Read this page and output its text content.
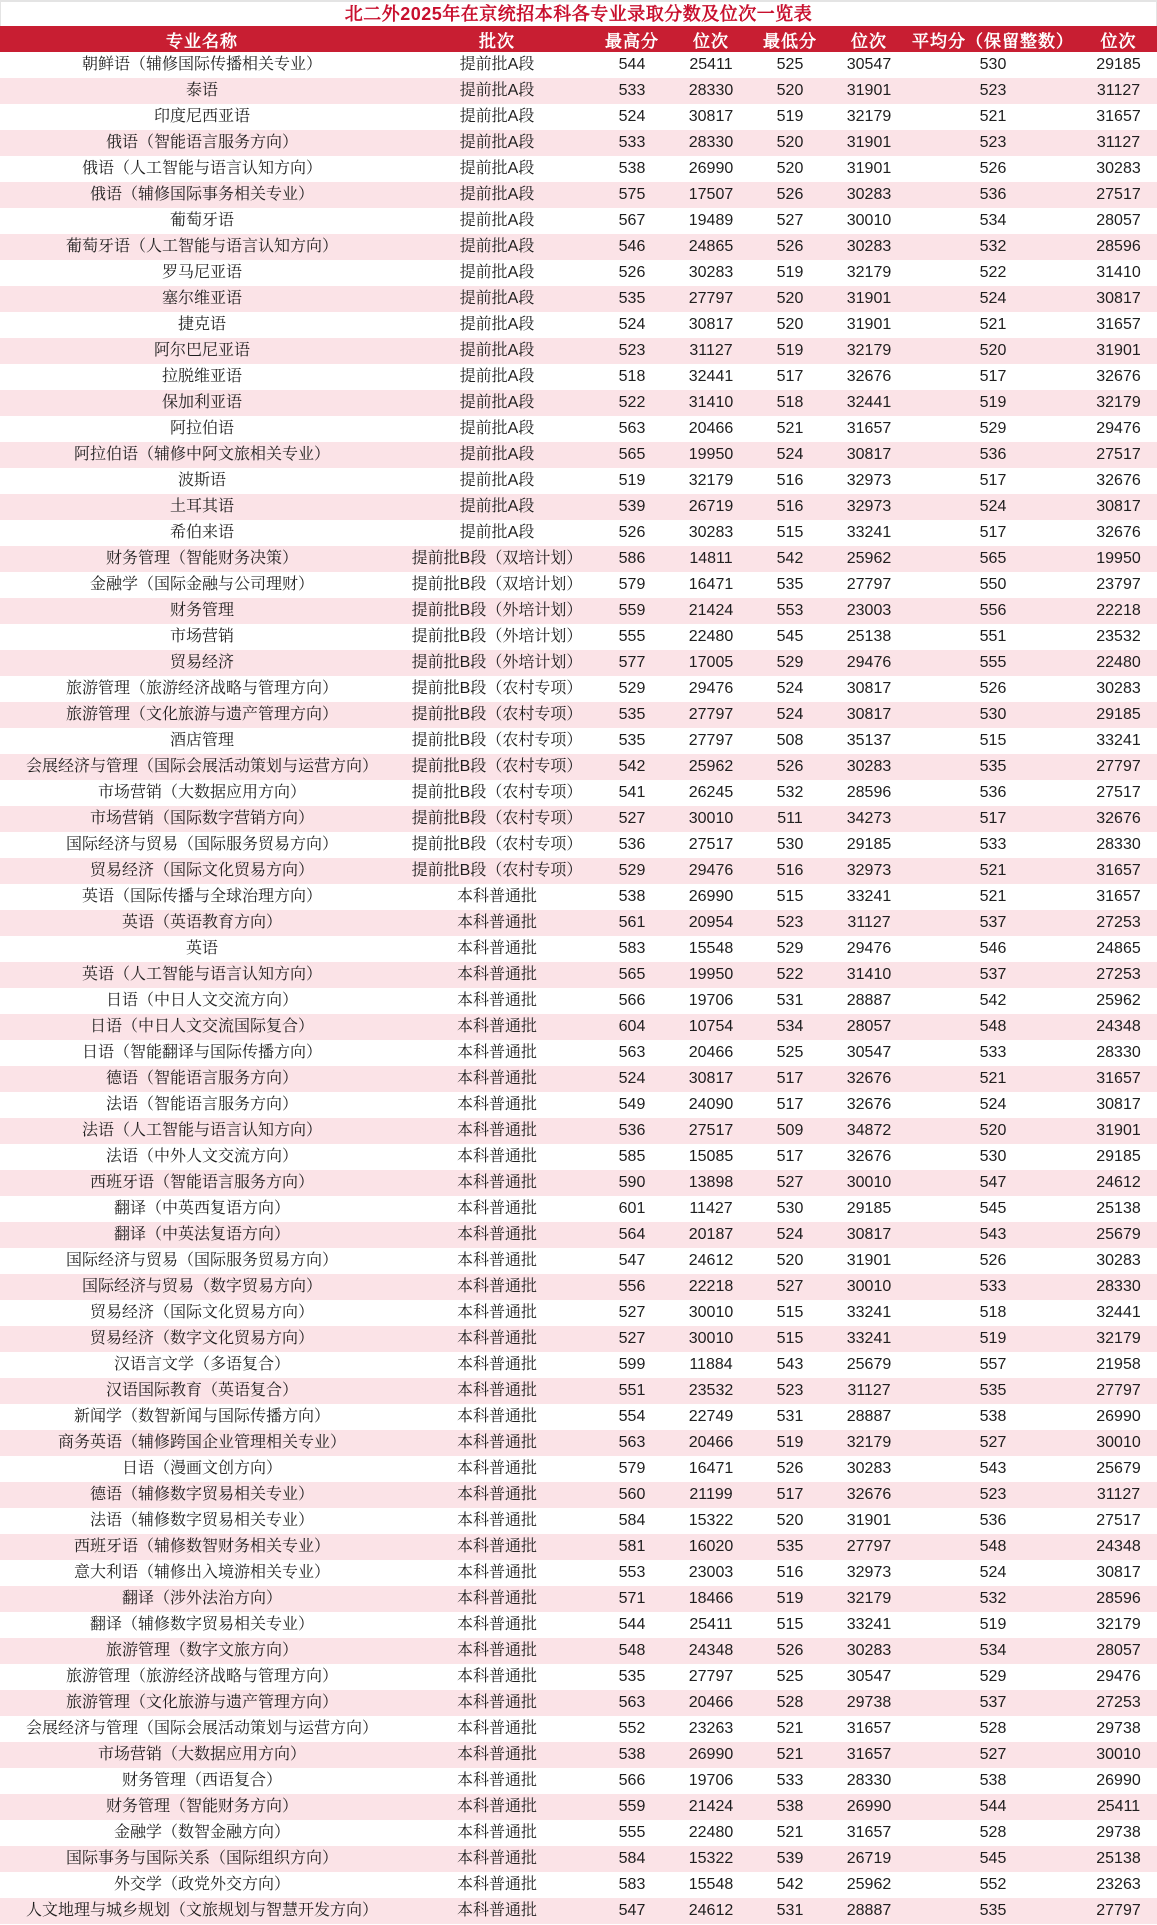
北二外2025年在京统招本科各专业录取分数及位次一览表
专业名称	批次	最高分	位次	最低分	位次	平均分（保留整数）	位次
朝鲜语（辅修国际传播相关专业）	提前批A段	544	25411	525	30547	530	29185
泰语	提前批A段	533	28330	520	31901	523	31127
印度尼西亚语	提前批A段	524	30817	519	32179	521	31657
俄语（智能语言服务方向）	提前批A段	533	28330	520	31901	523	31127
俄语（人工智能与语言认知方向）	提前批A段	538	26990	520	31901	526	30283
俄语（辅修国际事务相关专业）	提前批A段	575	17507	526	30283	536	27517
葡萄牙语	提前批A段	567	19489	527	30010	534	28057
葡萄牙语（人工智能与语言认知方向）	提前批A段	546	24865	526	30283	532	28596
罗马尼亚语	提前批A段	526	30283	519	32179	522	31410
塞尔维亚语	提前批A段	535	27797	520	31901	524	30817
捷克语	提前批A段	524	30817	520	31901	521	31657
阿尔巴尼亚语	提前批A段	523	31127	519	32179	520	31901
拉脱维亚语	提前批A段	518	32441	517	32676	517	32676
保加利亚语	提前批A段	522	31410	518	32441	519	32179
阿拉伯语	提前批A段	563	20466	521	31657	529	29476
阿拉伯语（辅修中阿文旅相关专业）	提前批A段	565	19950	524	30817	536	27517
波斯语	提前批A段	519	32179	516	32973	517	32676
土耳其语	提前批A段	539	26719	516	32973	524	30817
希伯来语	提前批A段	526	30283	515	33241	517	32676
财务管理（智能财务决策）	提前批B段（双培计划）	586	14811	542	25962	565	19950
金融学（国际金融与公司理财）	提前批B段（双培计划）	579	16471	535	27797	550	23797
财务管理	提前批B段（外培计划）	559	21424	553	23003	556	22218
市场营销	提前批B段（外培计划）	555	22480	545	25138	551	23532
贸易经济	提前批B段（外培计划）	577	17005	529	29476	555	22480
旅游管理（旅游经济战略与管理方向）	提前批B段（农村专项）	529	29476	524	30817	526	30283
旅游管理（文化旅游与遗产管理方向）	提前批B段（农村专项）	535	27797	524	30817	530	29185
酒店管理	提前批B段（农村专项）	535	27797	508	35137	515	33241
会展经济与管理（国际会展活动策划与运营方向）	提前批B段（农村专项）	542	25962	526	30283	535	27797
市场营销（大数据应用方向）	提前批B段（农村专项）	541	26245	532	28596	536	27517
市场营销（国际数字营销方向）	提前批B段（农村专项）	527	30010	511	34273	517	32676
国际经济与贸易（国际服务贸易方向）	提前批B段（农村专项）	536	27517	530	29185	533	28330
贸易经济（国际文化贸易方向）	提前批B段（农村专项）	529	29476	516	32973	521	31657
英语（国际传播与全球治理方向）	本科普通批	538	26990	515	33241	521	31657
英语（英语教育方向）	本科普通批	561	20954	523	31127	537	27253
英语	本科普通批	583	15548	529	29476	546	24865
英语（人工智能与语言认知方向）	本科普通批	565	19950	522	31410	537	27253
日语（中日人文交流方向）	本科普通批	566	19706	531	28887	542	25962
日语（中日人文交流国际复合）	本科普通批	604	10754	534	28057	548	24348
日语（智能翻译与国际传播方向）	本科普通批	563	20466	525	30547	533	28330
德语（智能语言服务方向）	本科普通批	524	30817	517	32676	521	31657
法语（智能语言服务方向）	本科普通批	549	24090	517	32676	524	30817
法语（人工智能与语言认知方向）	本科普通批	536	27517	509	34872	520	31901
法语（中外人文交流方向）	本科普通批	585	15085	517	32676	530	29185
西班牙语（智能语言服务方向）	本科普通批	590	13898	527	30010	547	24612
翻译（中英西复语方向）	本科普通批	601	11427	530	29185	545	25138
翻译（中英法复语方向）	本科普通批	564	20187	524	30817	543	25679
国际经济与贸易（国际服务贸易方向）	本科普通批	547	24612	520	31901	526	30283
国际经济与贸易（数字贸易方向）	本科普通批	556	22218	527	30010	533	28330
贸易经济（国际文化贸易方向）	本科普通批	527	30010	515	33241	518	32441
贸易经济（数字文化贸易方向）	本科普通批	527	30010	515	33241	519	32179
汉语言文学（多语复合）	本科普通批	599	11884	543	25679	557	21958
汉语国际教育（英语复合）	本科普通批	551	23532	523	31127	535	27797
新闻学（数智新闻与国际传播方向）	本科普通批	554	22749	531	28887	538	26990
商务英语（辅修跨国企业管理相关专业）	本科普通批	563	20466	519	32179	527	30010
日语（漫画文创方向）	本科普通批	579	16471	526	30283	543	25679
德语（辅修数字贸易相关专业）	本科普通批	560	21199	517	32676	523	31127
法语（辅修数字贸易相关专业）	本科普通批	584	15322	520	31901	536	27517
西班牙语（辅修数智财务相关专业）	本科普通批	581	16020	535	27797	548	24348
意大利语（辅修出入境游相关专业）	本科普通批	553	23003	516	32973	524	30817
翻译（涉外法治方向）	本科普通批	571	18466	519	32179	532	28596
翻译（辅修数字贸易相关专业）	本科普通批	544	25411	515	33241	519	32179
旅游管理（数字文旅方向）	本科普通批	548	24348	526	30283	534	28057
旅游管理（旅游经济战略与管理方向）	本科普通批	535	27797	525	30547	529	29476
旅游管理（文化旅游与遗产管理方向）	本科普通批	563	20466	528	29738	537	27253
会展经济与管理（国际会展活动策划与运营方向）	本科普通批	552	23263	521	31657	528	29738
市场营销（大数据应用方向）	本科普通批	538	26990	521	31657	527	30010
财务管理（西语复合）	本科普通批	566	19706	533	28330	538	26990
财务管理（智能财务方向）	本科普通批	559	21424	538	26990	544	25411
金融学（数智金融方向）	本科普通批	555	22480	521	31657	528	29738
国际事务与国际关系（国际组织方向）	本科普通批	584	15322	539	26719	545	25138
外交学（政党外交方向）	本科普通批	583	15548	542	25962	552	23263
人文地理与城乡规划（文旅规划与智慧开发方向）	本科普通批	547	24612	531	28887	535	27797
